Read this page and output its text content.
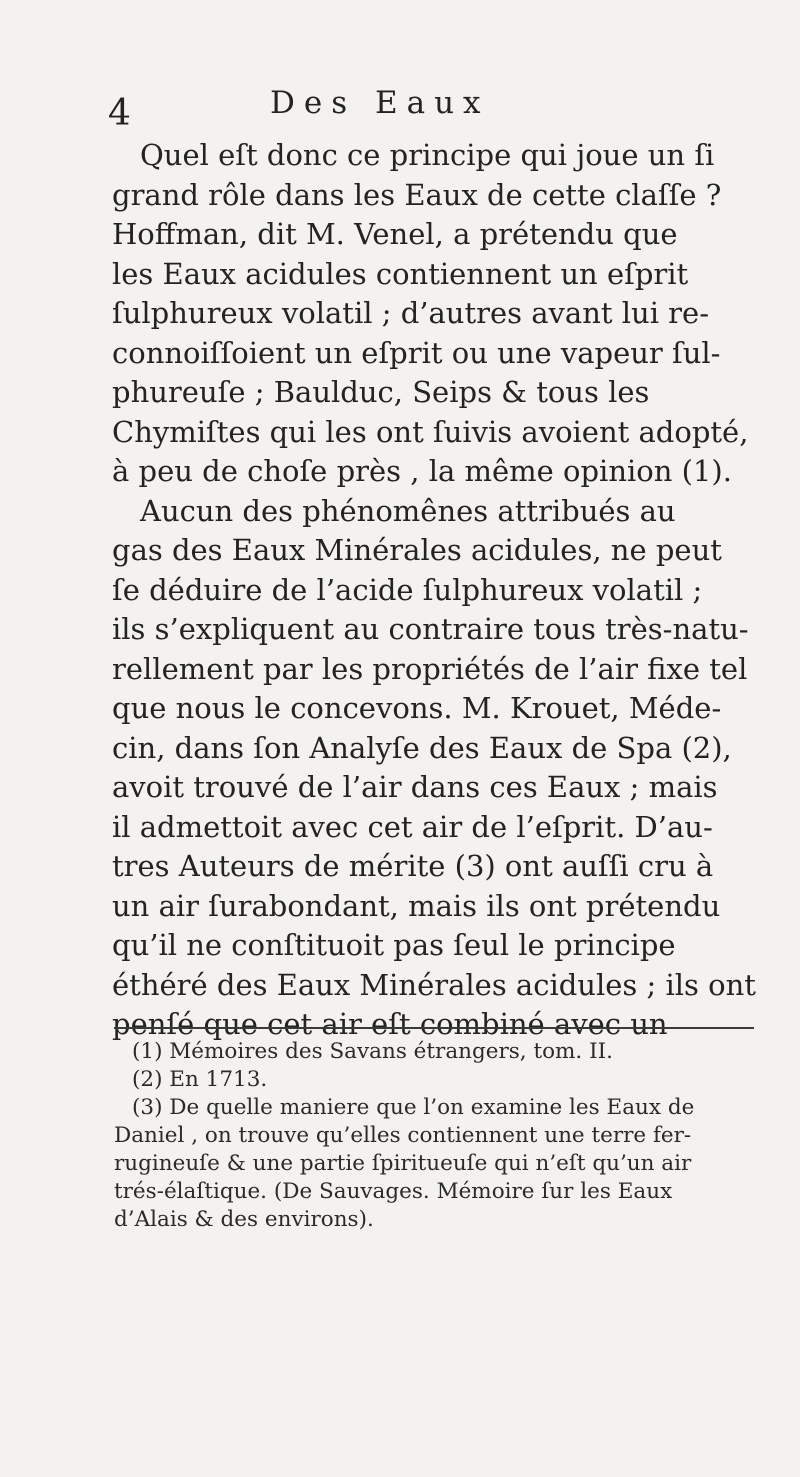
4	Des Eaux
Quel eſt donc ce principe qui joue un ſi
grand rôle dans les Eaux de cette claſſe ?
Hoffman, dit M. Venel, a prétendu que
les Eaux acidules contiennent un eſprit
ſulphureux volatil ; d’autres avant lui re-
connoiſſoient un eſprit ou une vapeur ſul-
phureuſe ; Baulduc, Seips & tous les
Chymiſtes qui les ont ſuivis avoient adopté,
à peu de choſe près , la même opinion (1).
Aucun des phénomênes attribués au
gas des Eaux Minérales acidules, ne peut
ſe déduire de l’acide ſulphureux volatil ;
ils s’expliquent au contraire tous très-natu-
rellement par les propriétés de l’air fixe tel
que nous le concevons. M. Krouet, Méde-
cin, dans ſon Analyſe des Eaux de Spa (2),
avoit trouvé de l’air dans ces Eaux ; mais
il admettoit avec cet air de l’eſprit. D’au-
tres Auteurs de mérite (3) ont auſſi cru à
un air ſurabondant, mais ils ont prétendu
qu’il ne conſtituoit pas ſeul le principe
éthéré des Eaux Minérales acidules ; ils ont
penſé que cet air eſt combiné avec un
(1) Mémoires des Savans étrangers, tom. II.
(2) En 1713.
(3) De quelle maniere que l’on examine les Eaux de
Daniel , on trouve qu’elles contiennent une terre fer-
rugineuſe & une partie ſpiritueuſe qui n’eſt qu’un air
trés-élaſtique. (De Sauvages. Mémoire ſur les Eaux
d’Alais & des environs).
